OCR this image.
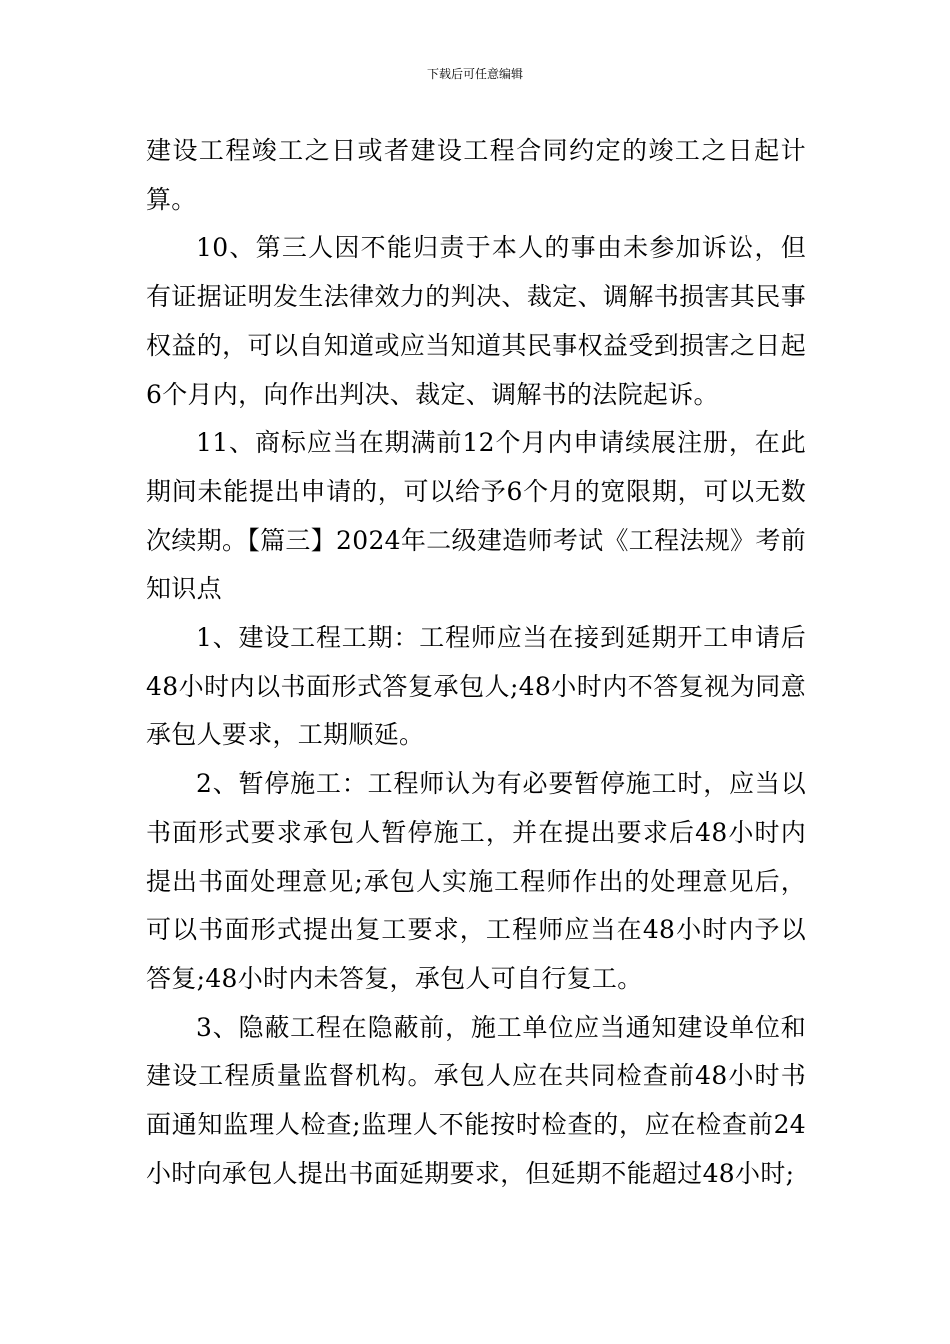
下载后可任意编辑

建设工程竣工之日或者建设工程合同约定的竣工之日起计算。

10、第三人因不能归责于本人的事由未参加诉讼，但有证据证明发生法律效力的判决、裁定、调解书损害其民事权益的，可以自知道或应当知道其民事权益受到损害之日起6个月内，向作出判决、裁定、调解书的法院起诉。

11、商标应当在期满前12个月内申请续展注册，在此期间未能提出申请的，可以给予6个月的宽限期，可以无数次续期。【篇三】2024年二级建造师考试《工程法规》考前知识点

1、建设工程工期：工程师应当在接到延期开工申请后48小时内以书面形式答复承包人;48小时内不答复视为同意承包人要求，工期顺延。

2、暂停施工：工程师认为有必要暂停施工时，应当以书面形式要求承包人暂停施工，并在提出要求后48小时内提出书面处理意见;承包人实施工程师作出的处理意见后，可以书面形式提出复工要求，工程师应当在48小时内予以答复;48小时内未答复，承包人可自行复工。

3、隐蔽工程在隐蔽前，施工单位应当通知建设单位和建设工程质量监督机构。承包人应在共同检查前48小时书面通知监理人检查;监理人不能按时检查的，应在检查前24小时向承包人提出书面延期要求，但延期不能超过48小时;
